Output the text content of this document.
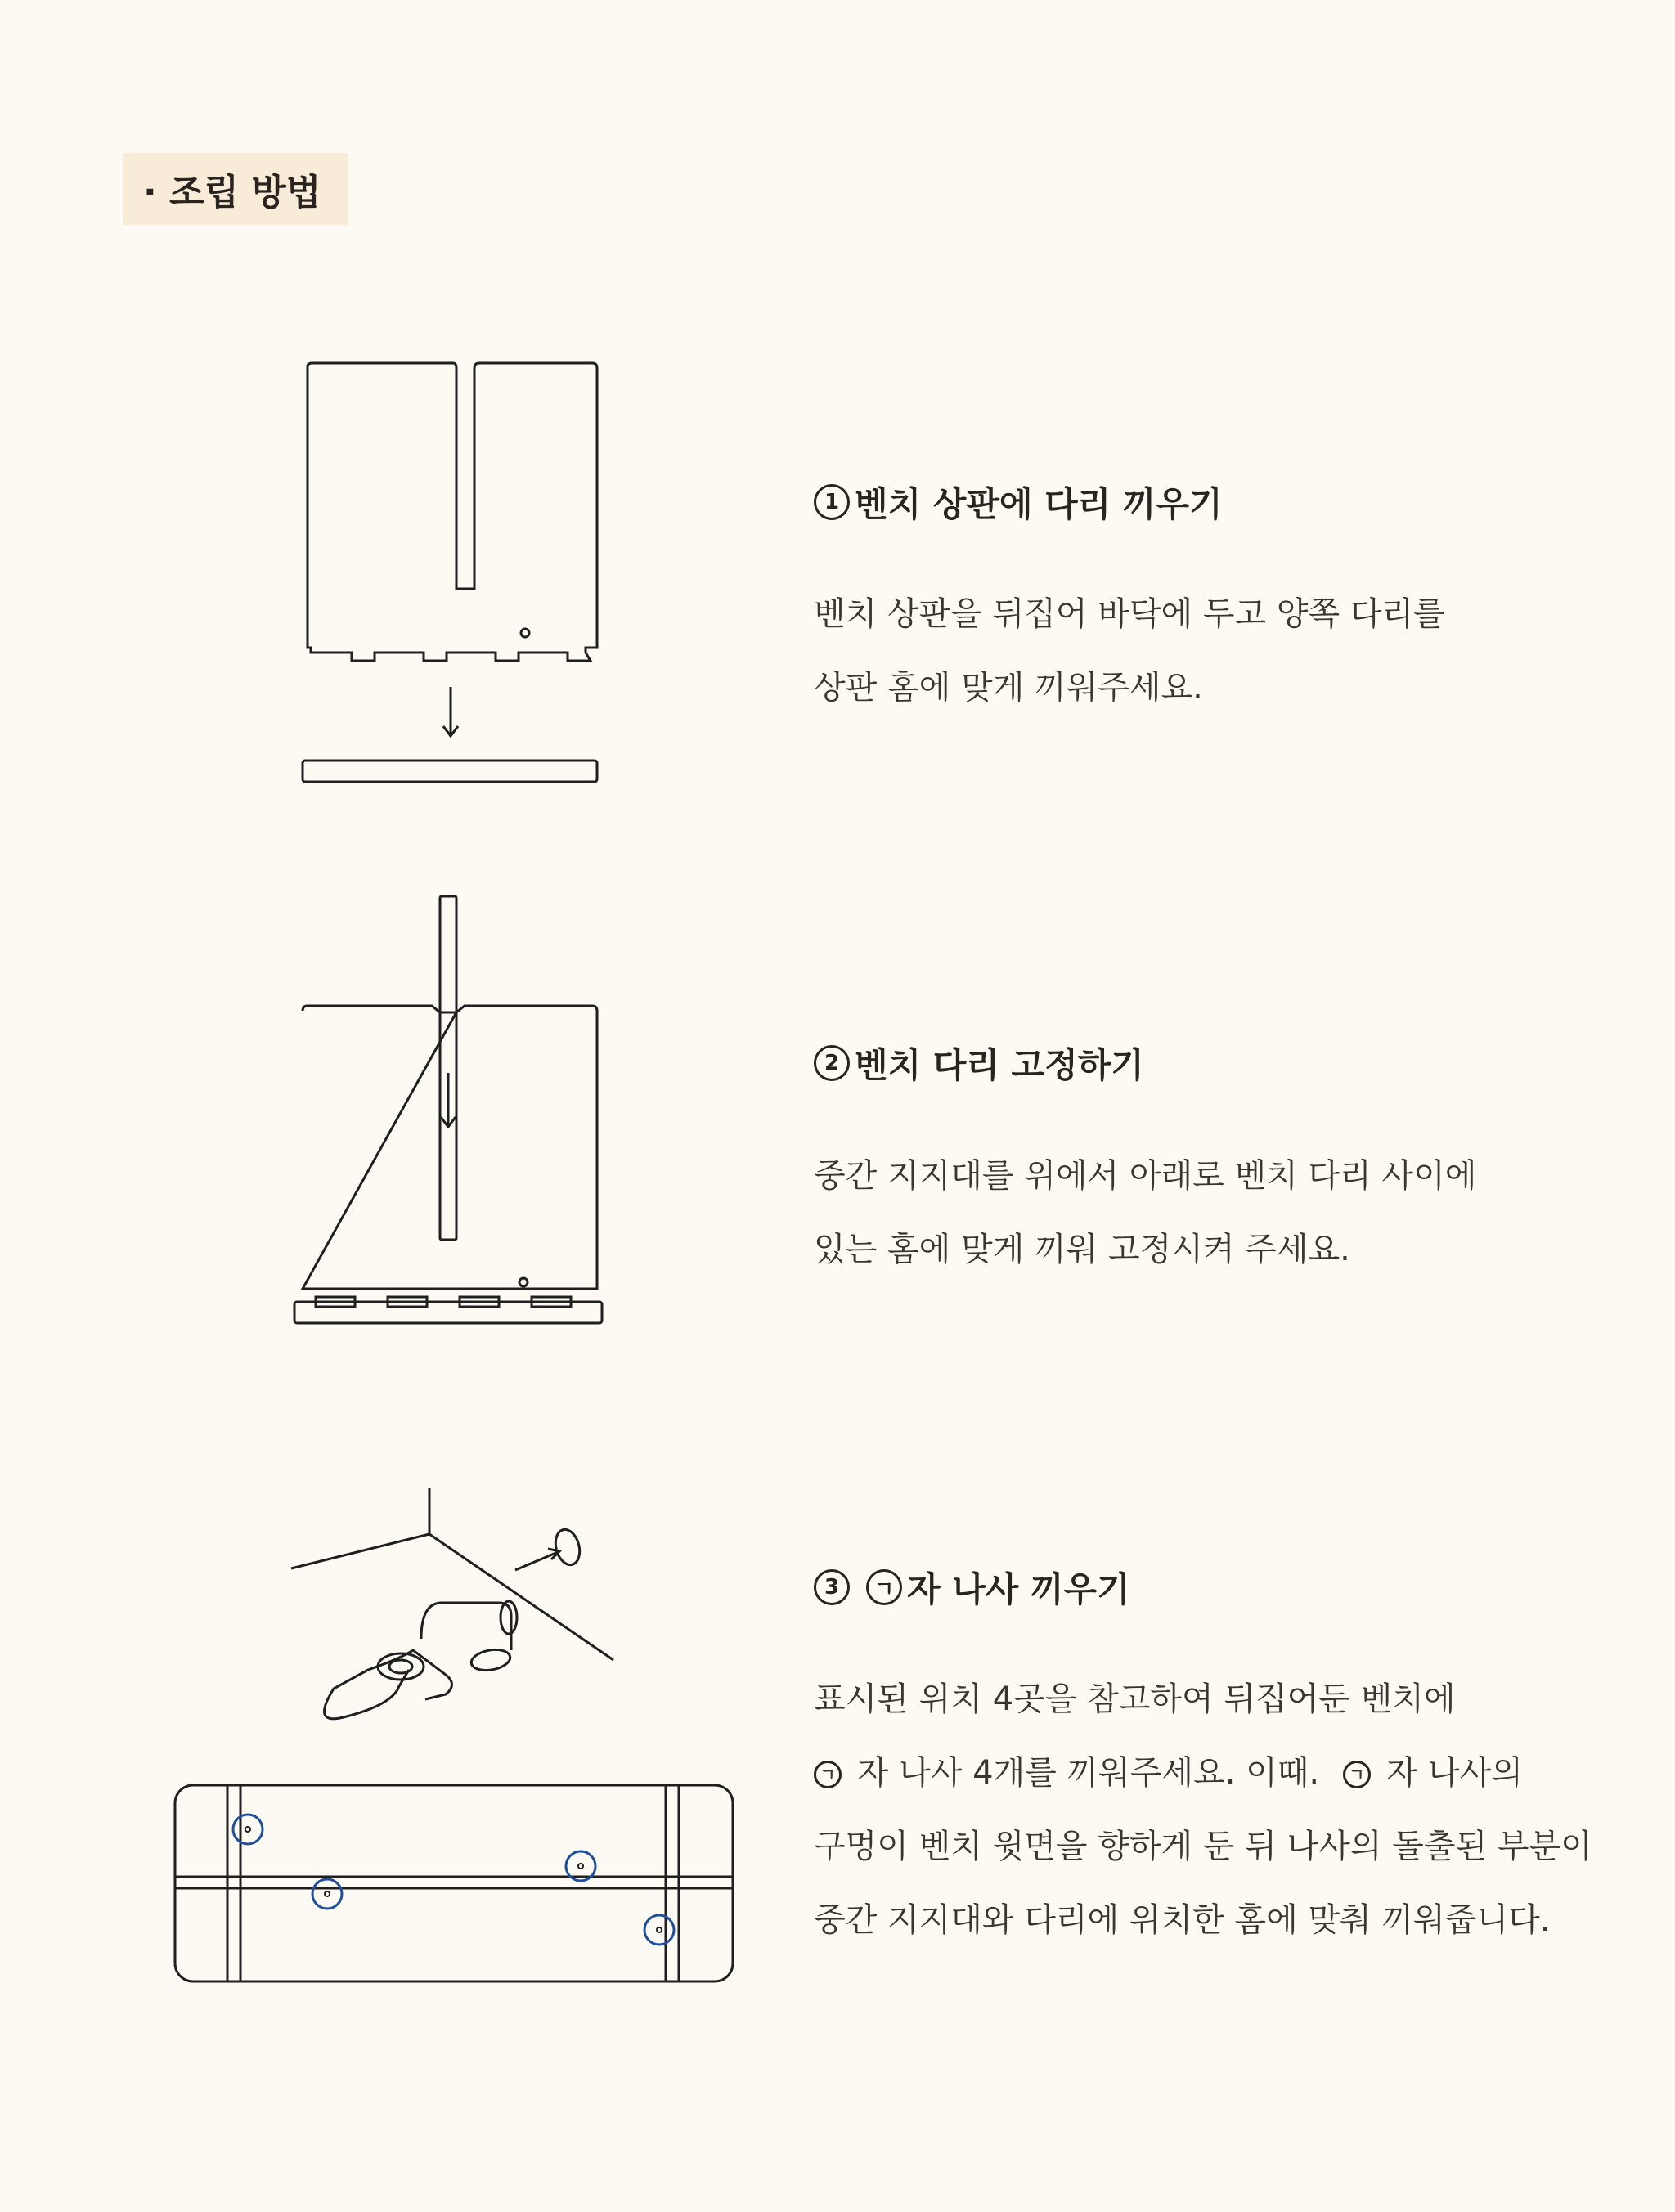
· 조립 방법
1 벤치 상판에 다리 끼우기
벤치 상판을 뒤집어 바닥에 두고 양쪽 다리를
상판 홈에 맞게 끼워주세요.
2 벤치 다리 고정하기
중간 지지대를 위에서 아래로 벤치 다리 사이에
있는 홈에 맞게 끼워 고정시켜 주세요.
3	ㄱ 자 나사 끼우기
표시된 위치 4곳을 참고하여 뒤집어둔 벤치에
ㄱ 자 나사 4개를 끼워주세요. 이때. ㄱ 자 나사의
구멍이 벤치 윗면을 향하게 둔 뒤 나사의 돌출된 부분이
중간 지지대와 다리에 위치한 홈에 맞춰 끼워줍니다.
